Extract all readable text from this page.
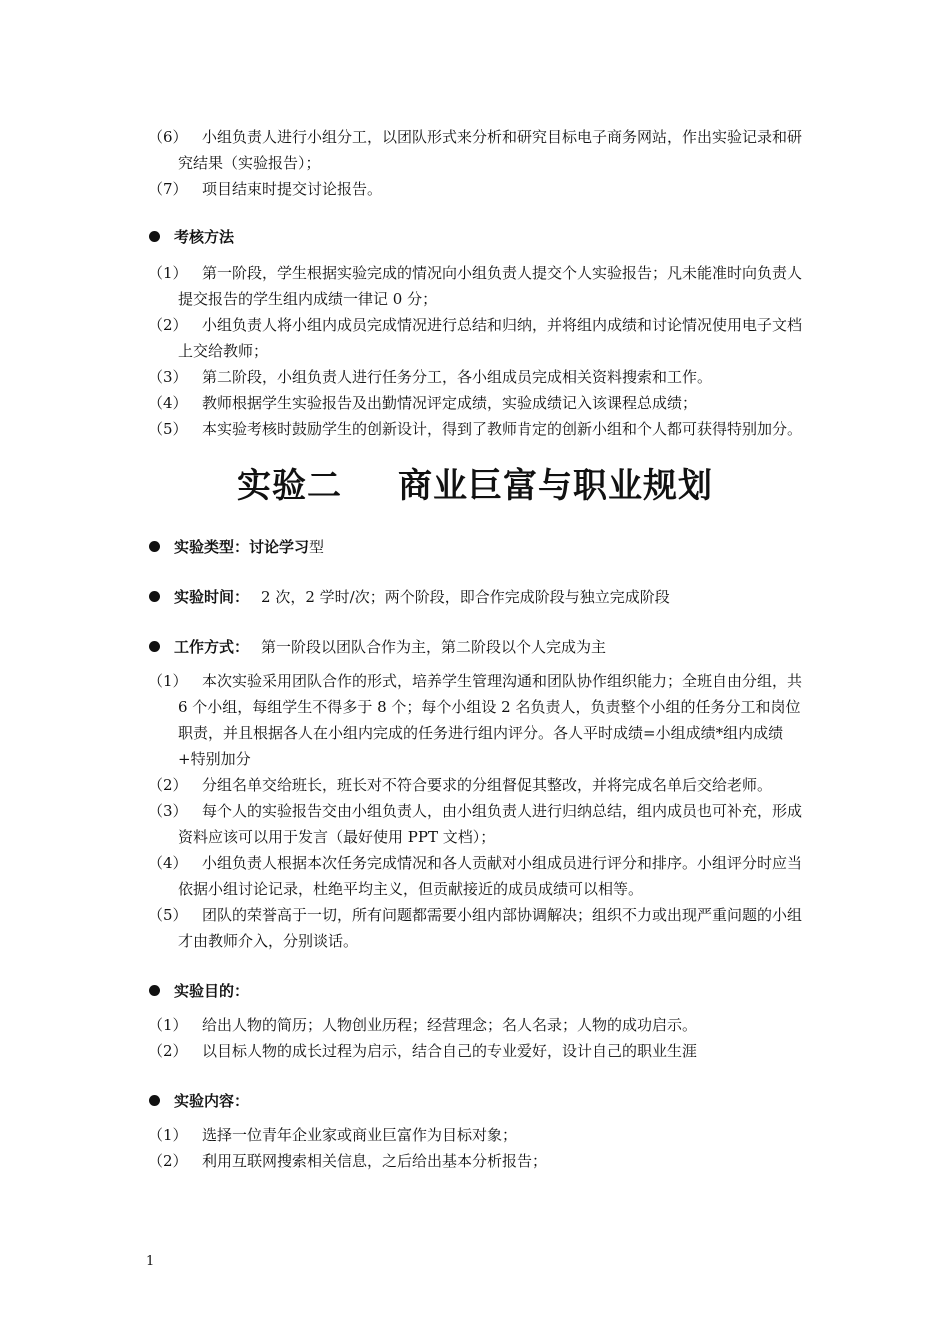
（6） 小组负责人进行小组分工，以团队形式来分析和研究目标电子商务网站，作出实验记录和研究结果（实验报告）；
（7） 项目结束时提交讨论报告。
考核方法
（1） 第一阶段，学生根据实验完成的情况向小组负责人提交个人实验报告；凡未能准时向负责人提交报告的学生组内成绩一律记 0 分；
（2） 小组负责人将小组内成员完成情况进行总结和归纳，并将组内成绩和讨论情况使用电子文档上交给教师；
（3） 第二阶段，小组负责人进行任务分工，各小组成员完成相关资料搜索和工作。
（4） 教师根据学生实验报告及出勤情况评定成绩，实验成绩记入该课程总成绩；
（5） 本实验考核时鼓励学生的创新设计，得到了教师肯定的创新小组和个人都可获得特别加分。
实验二 商业巨富与职业规划
实验类型：讨论学习型
实验时间： 2 次，2 学时/次；两个阶段，即合作完成阶段与独立完成阶段
工作方式： 第一阶段以团队合作为主，第二阶段以个人完成为主
（1） 本次实验采用团队合作的形式，培养学生管理沟通和团队协作组织能力；全班自由分组，共 6 个小组，每组学生不得多于 8 个；每个小组设 2 名负责人，负责整个小组的任务分工和岗位职责，并且根据各人在小组内完成的任务进行组内评分。各人平时成绩=小组成绩*组内成绩+特别加分
（2） 分组名单交给班长，班长对不符合要求的分组督促其整改，并将完成名单后交给老师。
（3） 每个人的实验报告交由小组负责人，由小组负责人进行归纳总结，组内成员也可补充，形成资料应该可以用于发言（最好使用 PPT 文档）；
（4） 小组负责人根据本次任务完成情况和各人贡献对小组成员进行评分和排序。小组评分时应当依据小组讨论记录，杜绝平均主义，但贡献接近的成员成绩可以相等。
（5） 团队的荣誉高于一切，所有问题都需要小组内部协调解决；组织不力或出现严重问题的小组才由教师介入，分别谈话。
实验目的：
（1） 给出人物的简历；人物创业历程；经营理念；名人名录；人物的成功启示。
（2） 以目标人物的成长过程为启示，结合自己的专业爱好，设计自己的职业生涯
实验内容：
（1） 选择一位青年企业家或商业巨富作为目标对象；
（2） 利用互联网搜索相关信息，之后给出基本分析报告；
1
